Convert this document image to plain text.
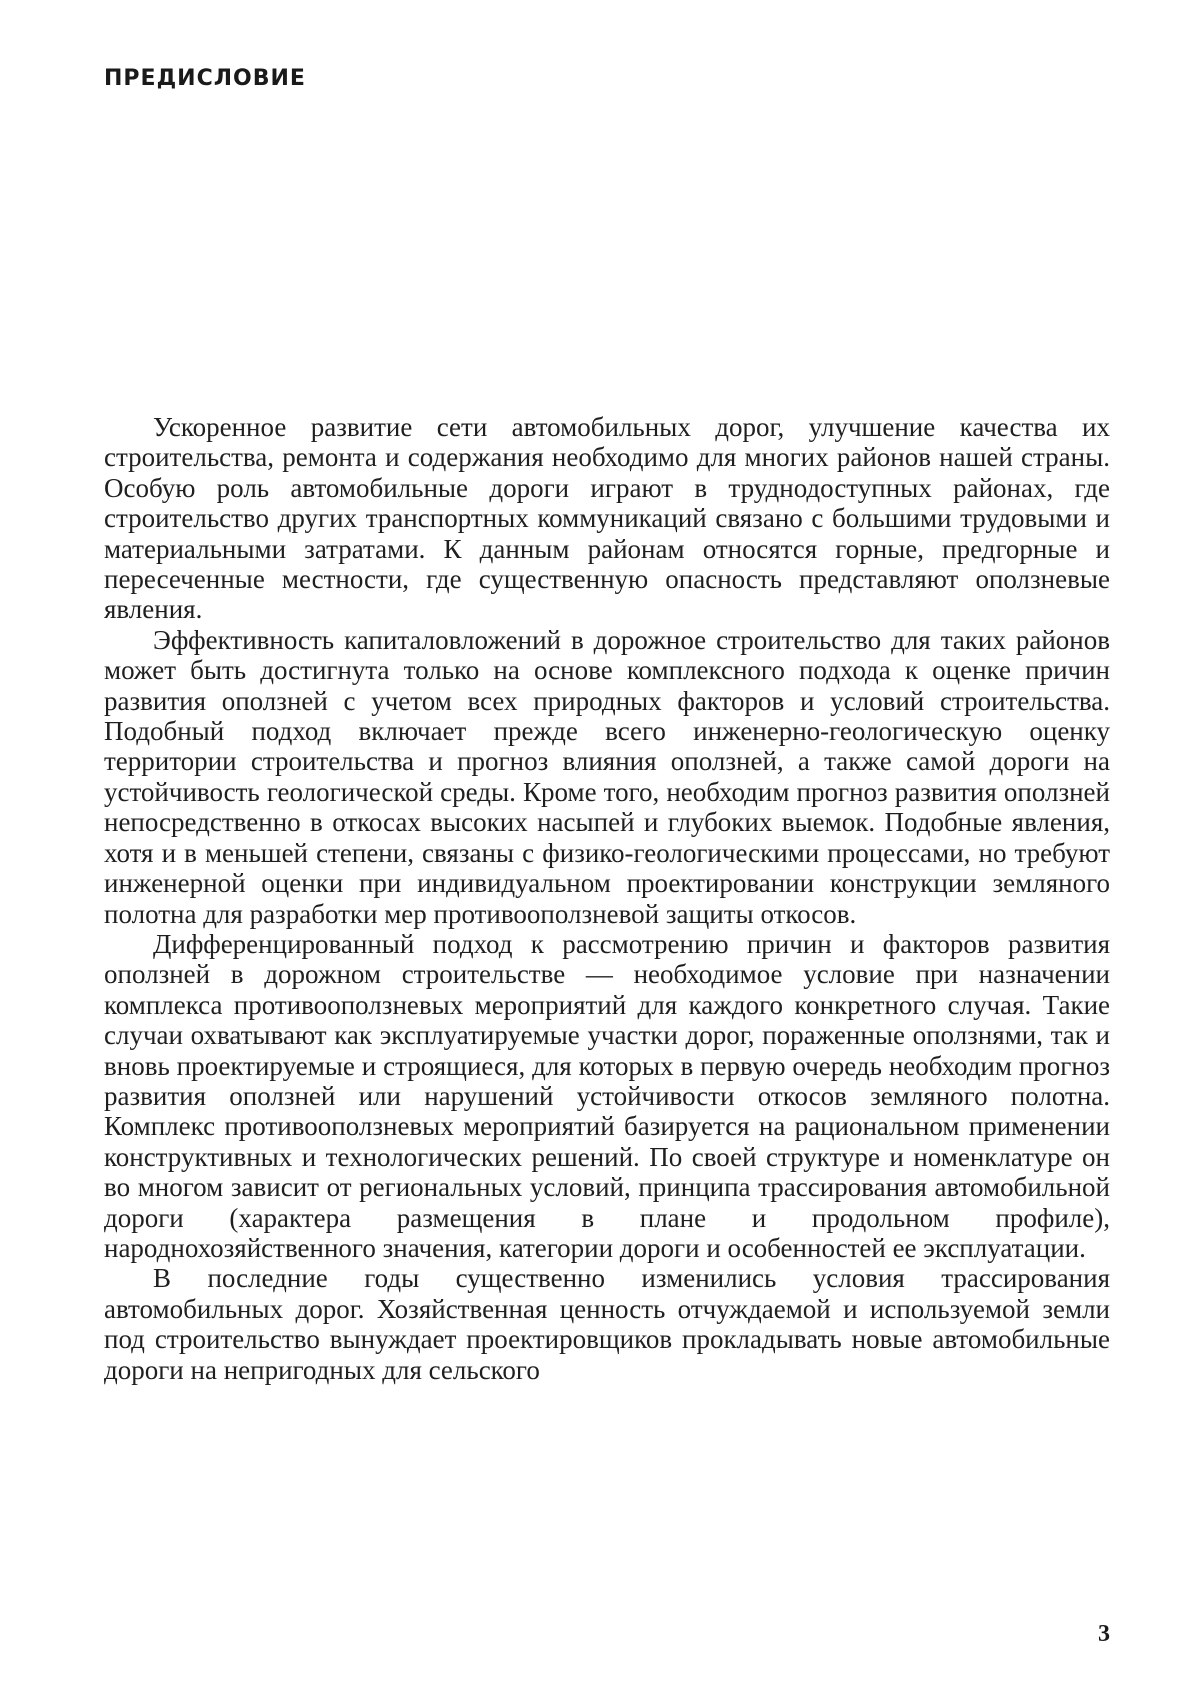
ПРЕДИСЛОВИЕ

Ускоренное развитие сети автомобильных дорог, улучшение качества их строительства, ремонта и содержания необходимо для многих районов нашей страны. Особую роль автомобильные дороги играют в труднодоступных районах, где строительство других транспортных коммуникаций связано с большими трудовыми и материальными затратами. К данным районам относятся горные, предгорные и пересеченные местности, где существенную опасность представляют оползневые явления.

Эффективность капиталовложений в дорожное строительство для таких районов может быть достигнута только на основе комплексного подхода к оценке причин развития оползней с учетом всех природных факторов и условий строительства. Подобный подход включает прежде всего инженерно-геологическую оценку территории строительства и прогноз влияния оползней, а также самой дороги на устойчивость геологической среды. Кроме того, необходим прогноз развития оползней непосредственно в откосах высоких насыпей и глубоких выемок. Подобные явления, хотя и в меньшей степени, связаны с физико-геологическими процессами, но требуют инженерной оценки при индивидуальном проектировании конструкции земляного полотна для разработки мер противооползневой защиты откосов.

Дифференцированный подход к рассмотрению причин и факторов развития оползней в дорожном строительстве — необходимое условие при назначении комплекса противооползневых мероприятий для каждого конкретного случая. Такие случаи охватывают как эксплуатируемые участки дорог, пораженные оползнями, так и вновь проектируемые и строящиеся, для которых в первую очередь необходим прогноз развития оползней или нарушений устойчивости откосов земляного полотна. Комплекс противооползневых мероприятий базируется на рациональном применении конструктивных и технологических решений. По своей структуре и номенклатуре он во многом зависит от региональных условий, принципа трассирования автомобильной дороги (характера размещения в плане и продольном профиле), народнохозяйственного значения, категории дороги и особенностей ее эксплуатации.

В последние годы существенно изменились условия трассирования автомобильных дорог. Хозяйственная ценность отчуждаемой и используемой земли под строительство вынуждает проектировщиков прокладывать новые автомобильные дороги на непригодных для сельского

3
